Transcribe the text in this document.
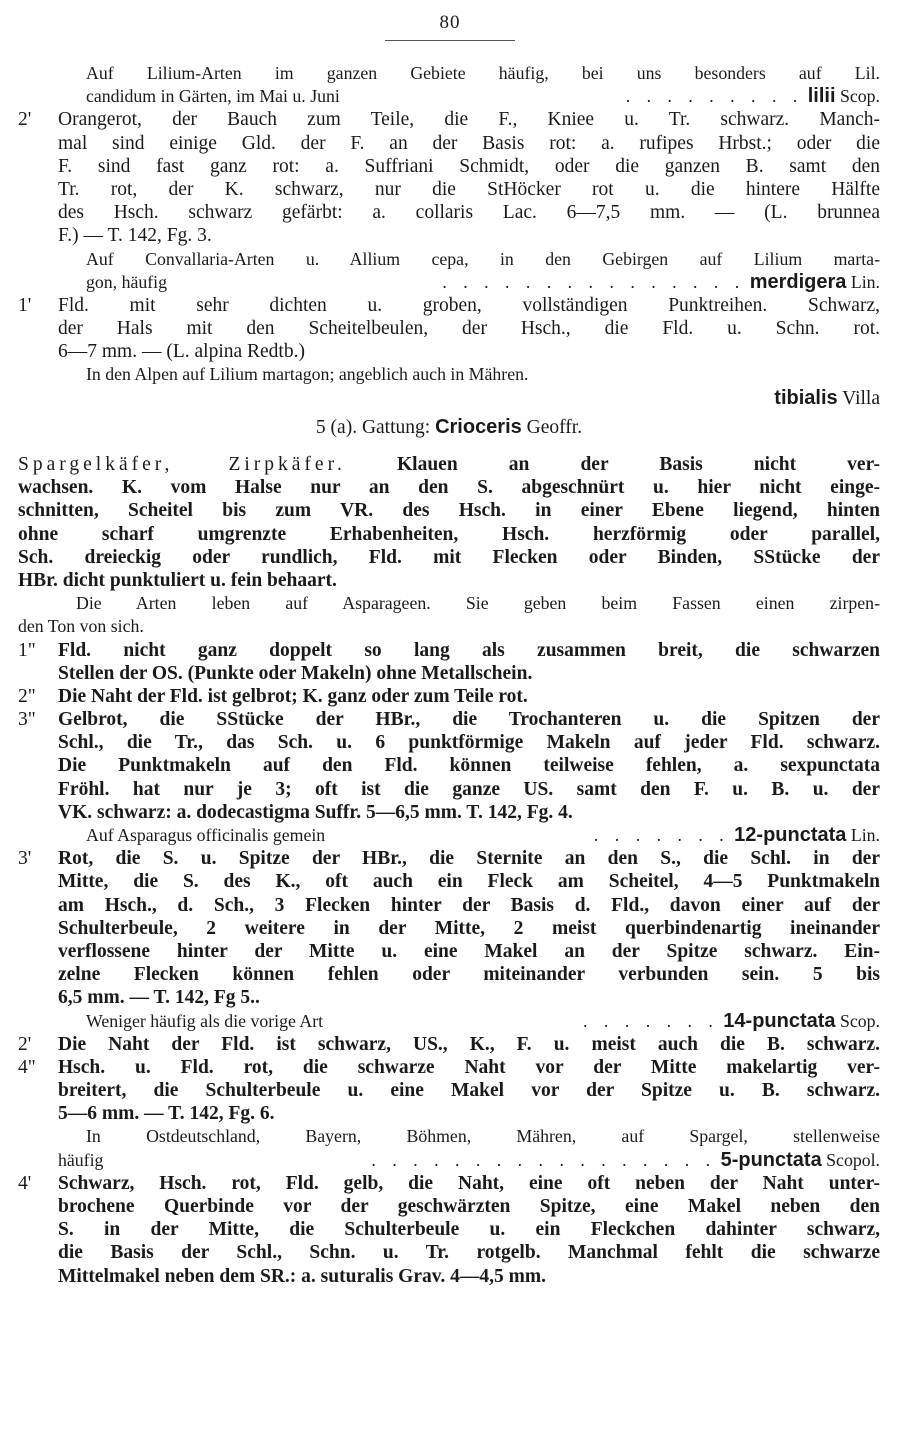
80
Auf Lilium-Arten im ganzen Gebiete häufig, bei uns besonders auf Lil.
candidum in Gärten, im Mai u. Juni	. . . . . . . . . lilii Scop.
2' Orangerot, der Bauch zum Teile, die F., Kniee u. Tr. schwarz. Manch-
mal sind einige Gld. der F. an der Basis rot: a. rufipes Hrbst.; oder die
F. sind fast ganz rot: a. Suffriani Schmidt, oder die ganzen B. samt den
Tr. rot, der K. schwarz, nur die StHöcker rot u. die hintere Hälfte
des Hsch. schwarz gefärbt: a. collaris Lac. 6—7,5 mm. — (L. brunnea
F.) — T. 142, Fg. 3.
Auf Convallaria-Arten u. Allium cepa, in den Gebirgen auf Lilium marta-
gon, häufig	. . . . . . . . . . . . . . . merdigera Lin.
1' Fld. mit sehr dichten u. groben, vollständigen Punktreihen. Schwarz,
der Hals mit den Scheitelbeulen, der Hsch., die Fld. u. Schn. rot.
6—7 mm. — (L. alpina Redtb.)
In den Alpen auf Lilium martagon; angeblich auch in Mähren.
tibialis Villa
5 (a). Gattung: Crioceris Geoffr.
Spargelkäfer, Zirpkäfer.	Klauen an der Basis nicht ver-
wachsen. K. vom Halse nur an den S. abgeschnürt u. hier nicht einge-
schnitten, Scheitel bis zum VR. des Hsch. in einer Ebene liegend, hinten
ohne scharf umgrenzte Erhabenheiten, Hsch. herzförmig oder parallel,
Sch. dreieckig oder rundlich, Fld. mit Flecken oder Binden, SStücke der
HBr. dicht punktuliert u. fein behaart.
Die Arten leben auf Asparageen. Sie geben beim Fassen einen zirpen-
den Ton von sich.
1" Fld. nicht ganz doppelt so lang als zusammen breit, die schwarzen
Stellen der OS. (Punkte oder Makeln) ohne Metallschein.
2" Die Naht der Fld. ist gelbrot; K. ganz oder zum Teile rot.
3" Gelbrot, die SStücke der HBr., die Trochanteren u. die Spitzen der
Schl., die Tr., das Sch. u. 6 punktförmige Makeln auf jeder Fld. schwarz.
Die Punktmakeln auf den Fld. können teilweise fehlen, a. sexpunctata
Fröhl. hat nur je 3; oft ist die ganze US. samt den F. u. B. u. der
VK. schwarz: a. dodecastigma Suffr. 5—6,5 mm. T. 142, Fg. 4.
Auf Asparagus officinalis gemein	. . . . . . . 12-punctata Lin.
3' Rot, die S. u. Spitze der HBr., die Sternite an den S., die Schl. in der
Mitte, die S. des K., oft auch ein Fleck am Scheitel, 4—5 Punktmakeln
am Hsch., d. Sch., 3 Flecken hinter der Basis d. Fld., davon einer auf der
Schulterbeule, 2 weitere in der Mitte, 2 meist querbindenartig ineinander
verflossene hinter der Mitte u. eine Makel an der Spitze schwarz. Ein-
zelne Flecken können fehlen oder miteinander verbunden sein. 5 bis
6,5 mm. — T. 142, Fg 5..
Weniger häufig als die vorige Art	. . . . . . . 14-punctata Scop.
2' Die Naht der Fld. ist schwarz, US., K., F. u. meist auch die B. schwarz.
4" Hsch. u. Fld. rot, die schwarze Naht vor der Mitte makelartig ver-
breitert, die Schulterbeule u. eine Makel vor der Spitze u. B. schwarz.
5—6 mm. — T. 142, Fg. 6.
In Ostdeutschland, Bayern, Böhmen, Mähren, auf Spargel, stellenweise
häufig	. . . . . . . . . . . . . . . . . 5-punctata Scopol.
4' Schwarz, Hsch. rot, Fld. gelb, die Naht, eine oft neben der Naht unter-
brochene Querbinde vor der geschwärzten Spitze, eine Makel neben den
S. in der Mitte, die Schulterbeule u. ein Fleckchen dahinter schwarz,
die Basis der Schl., Schn. u. Tr. rotgelb. Manchmal fehlt die schwarze
Mittelmakel neben dem SR.: a. suturalis Grav. 4—4,5 mm.
